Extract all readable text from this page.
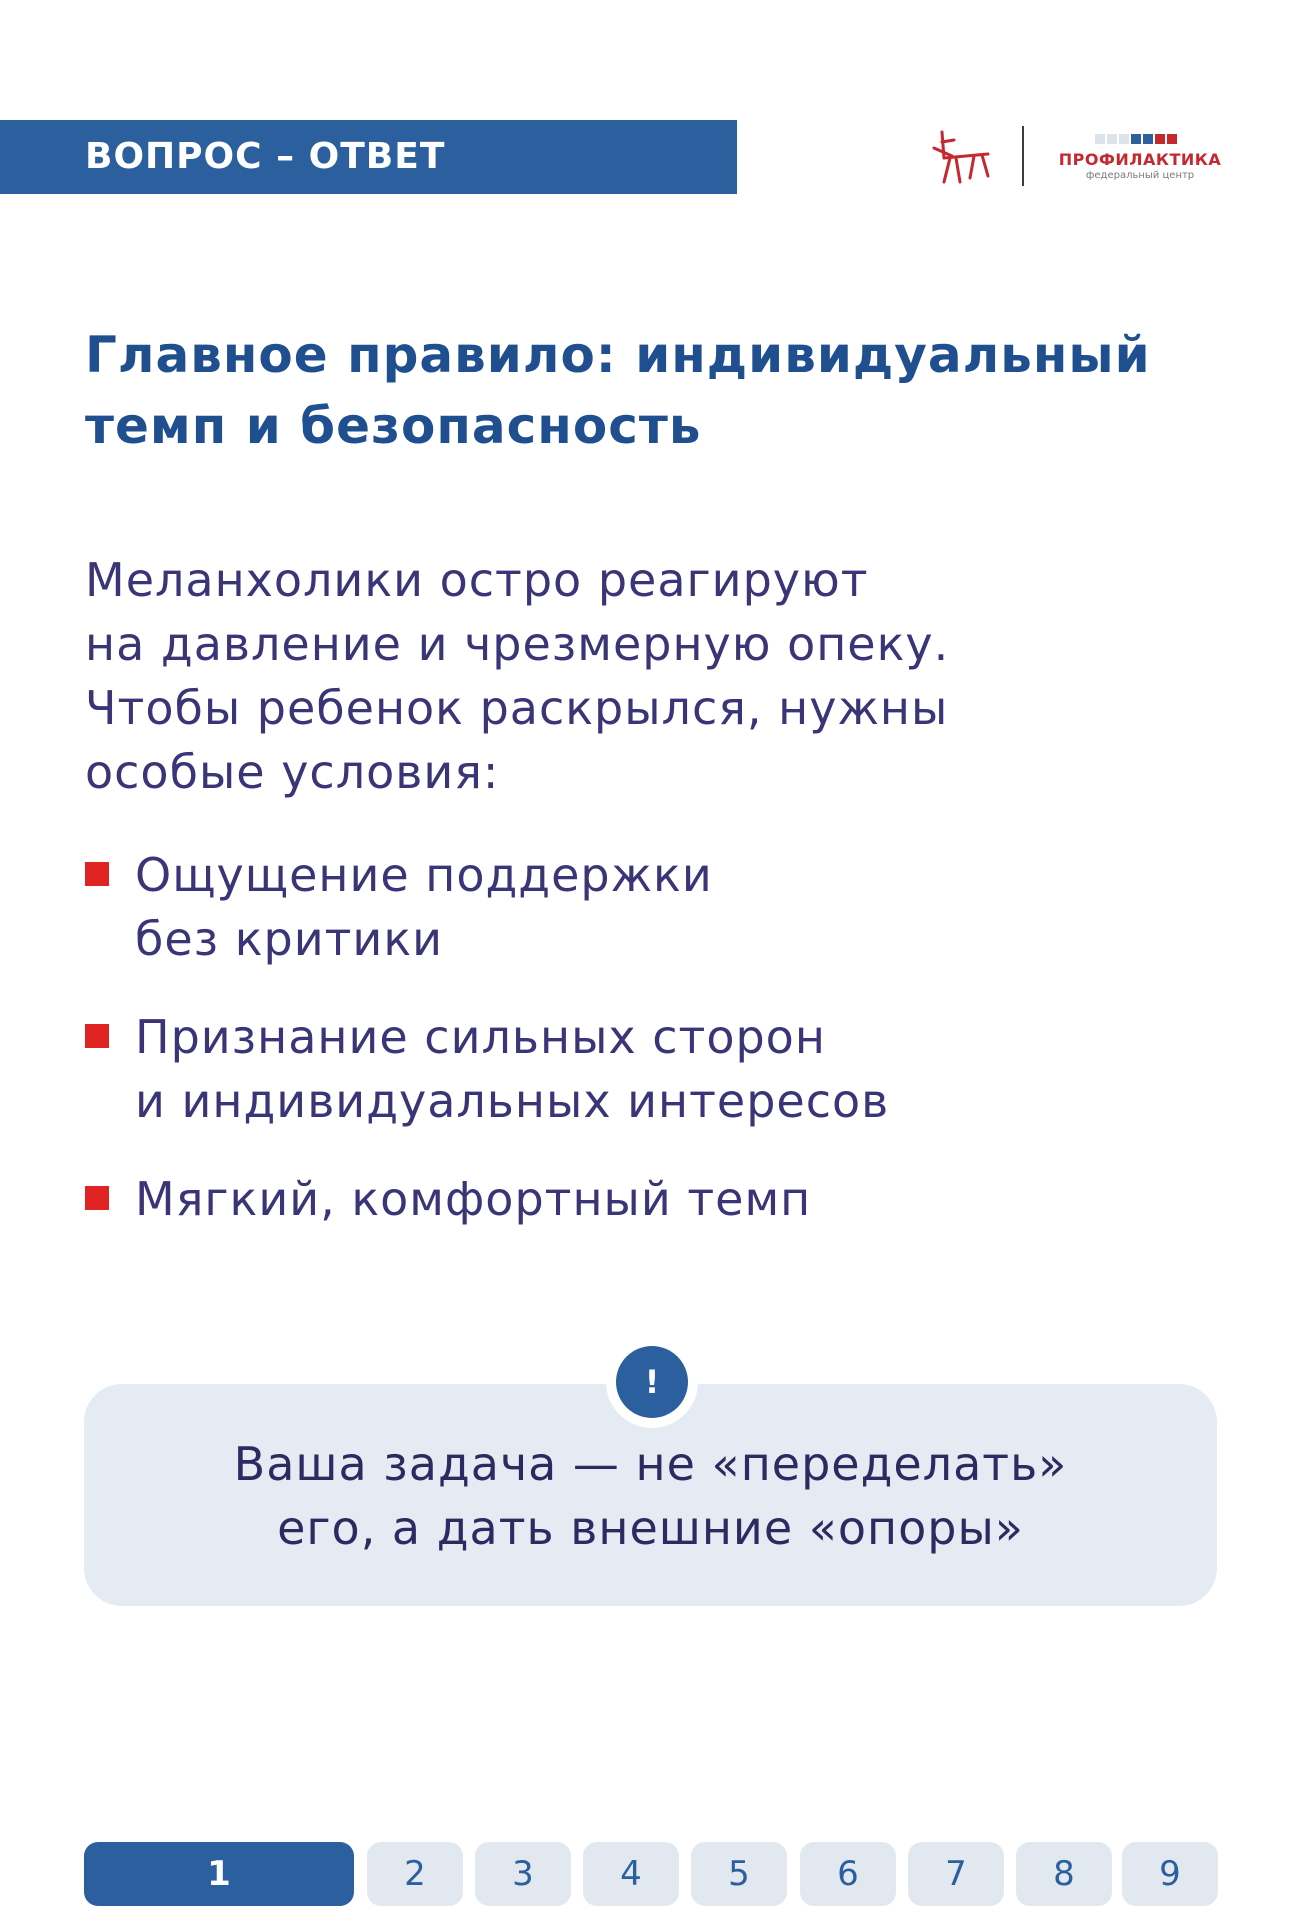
ВОПРОС – ОТВЕТ	ПРОФИЛАКТИКА
федеральный центр
Главное правило: индивидуальный
темп и безопасность
Меланхолики остро реагируют
на давление и чрезмерную опеку.
Чтобы ребенок раскрылся, нужны
особые условия:
Ощущение поддержки
без критики
Признание сильных сторон
и индивидуальных интересов
Мягкий, комфортный темп
Ваша задача — не «переделать»
его, а дать внешние «опоры»
!
1	2	3	4	5	6	7	8	9
